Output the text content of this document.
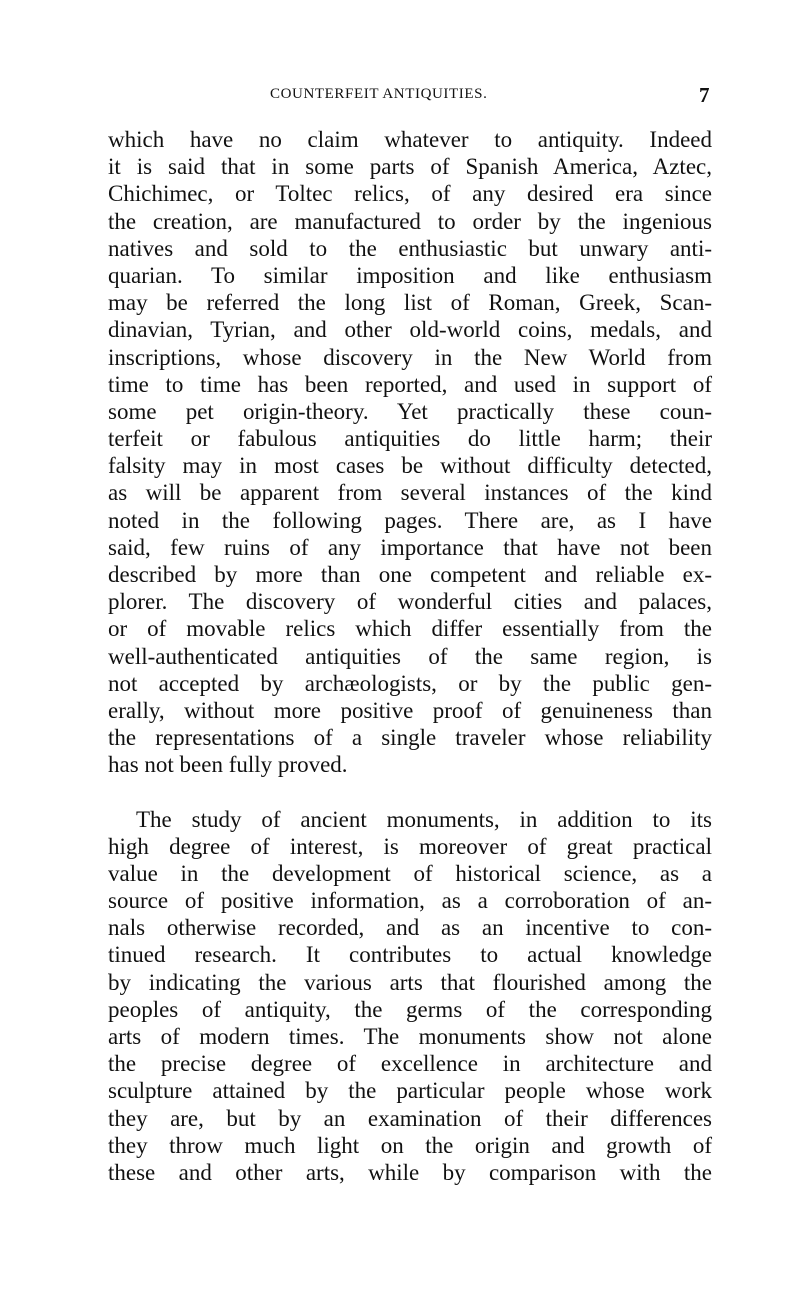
COUNTERFEIT ANTIQUITIES.	7
which have no claim whatever to antiquity. Indeed
it is said that in some parts of Spanish America, Aztec,
Chichimec, or Toltec relics, of any desired era since
the creation, are manufactured to order by the ingenious
natives and sold to the enthusiastic but unwary anti-
quarian. To similar imposition and like enthusiasm
may be referred the long list of Roman, Greek, Scan-
dinavian, Tyrian, and other old-world coins, medals, and
inscriptions, whose discovery in the New World from
time to time has been reported, and used in support of
some pet origin-theory. Yet practically these coun-
terfeit or fabulous antiquities do little harm; their
falsity may in most cases be without difficulty detected,
as will be apparent from several instances of the kind
noted in the following pages. There are, as I have
said, few ruins of any importance that have not been
described by more than one competent and reliable ex-
plorer. The discovery of wonderful cities and palaces,
or of movable relics which differ essentially from the
well-authenticated antiquities of the same region, is
not accepted by archæologists, or by the public gen-
erally, without more positive proof of genuineness than
the representations of a single traveler whose reliability
has not been fully proved.
The study of ancient monuments, in addition to its
high degree of interest, is moreover of great practical
value in the development of historical science, as a
source of positive information, as a corroboration of an-
nals otherwise recorded, and as an incentive to con-
tinued research. It contributes to actual knowledge
by indicating the various arts that flourished among the
peoples of antiquity, the germs of the corresponding
arts of modern times. The monuments show not alone
the precise degree of excellence in architecture and
sculpture attained by the particular people whose work
they are, but by an examination of their differences
they throw much light on the origin and growth of
these and other arts, while by comparison with the
